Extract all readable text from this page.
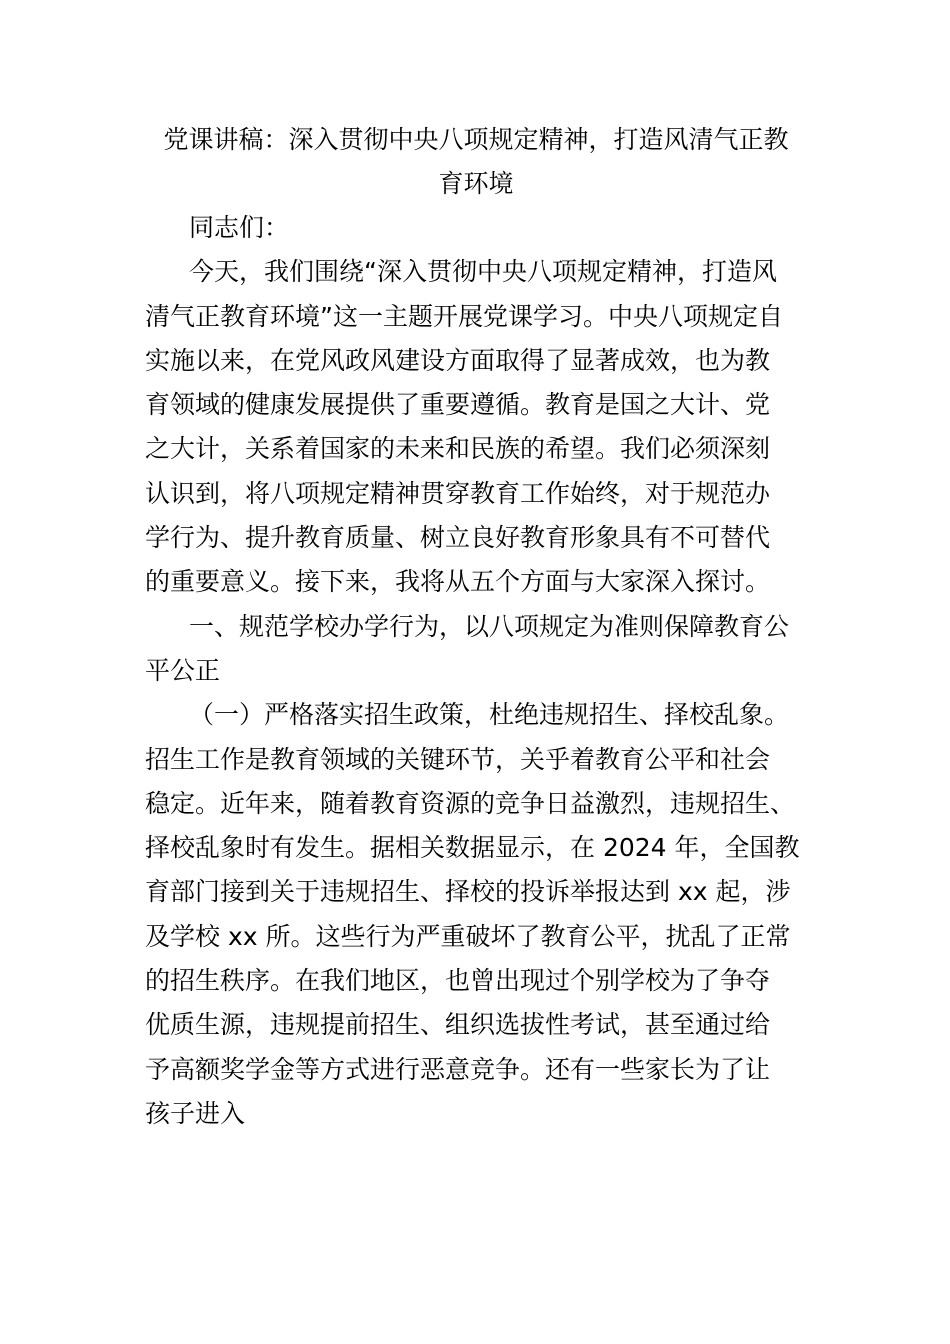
党课讲稿：深入贯彻中央八项规定精神，打造风清气正教
育环境
同志们：
今天，我们围绕“深入贯彻中央八项规定精神，打造风
清气正教育环境”这一主题开展党课学习。中央八项规定自
实施以来，在党风政风建设方面取得了显著成效，也为教
育领域的健康发展提供了重要遵循。教育是国之大计、党
之大计，关系着国家的未来和民族的希望。我们必须深刻
认识到，将八项规定精神贯穿教育工作始终，对于规范办
学行为、提升教育质量、树立良好教育形象具有不可替代
的重要意义。接下来，我将从五个方面与大家深入探讨。
一、规范学校办学行为，以八项规定为准则保障教育公
平公正
（一）严格落实招生政策，杜绝违规招生、择校乱象。
招生工作是教育领域的关键环节，关乎着教育公平和社会
稳定。近年来，随着教育资源的竞争日益激烈，违规招生、
择校乱象时有发生。据相关数据显示，在 2024 年，全国教
育部门接到关于违规招生、择校的投诉举报达到 xx 起，涉
及学校 xx 所。这些行为严重破坏了教育公平，扰乱了正常
的招生秩序。在我们地区，也曾出现过个别学校为了争夺
优质生源，违规提前招生、组织选拔性考试，甚至通过给
予高额奖学金等方式进行恶意竞争。还有一些家长为了让
孩子进入
